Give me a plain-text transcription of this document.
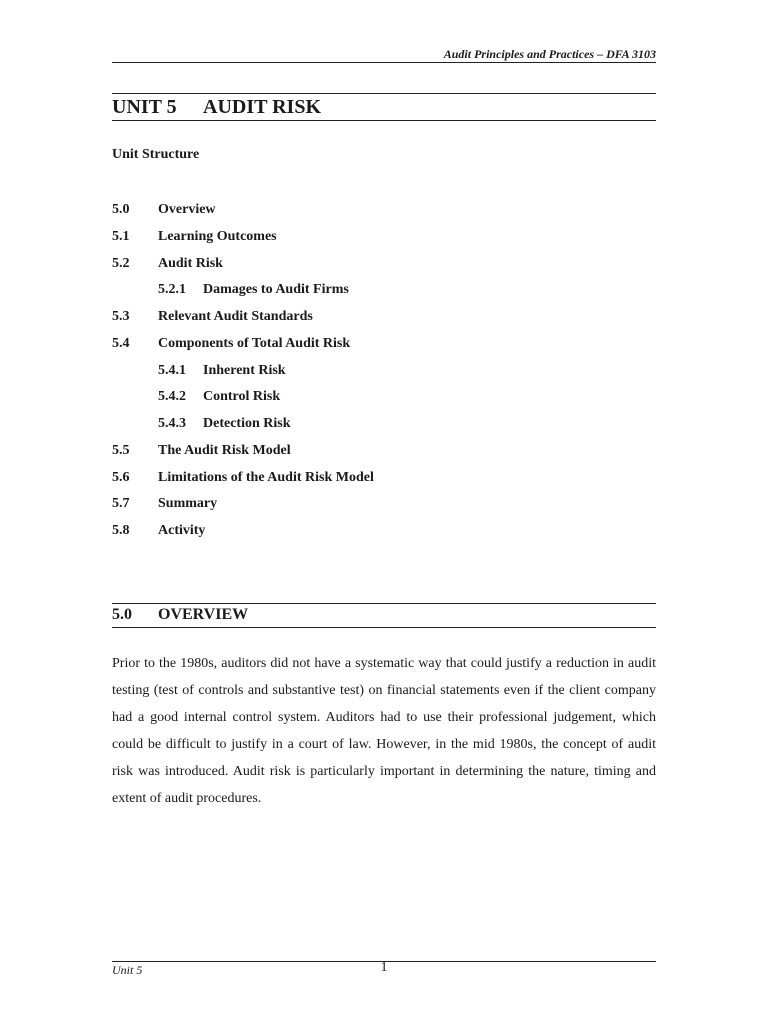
Audit Principles and Practices – DFA 3103
UNIT 5 AUDIT RISK
Unit Structure
5.0 Overview
5.1 Learning Outcomes
5.2 Audit Risk
5.2.1 Damages to Audit Firms
5.3 Relevant Audit Standards
5.4 Components of Total Audit Risk
5.4.1 Inherent Risk
5.4.2 Control Risk
5.4.3 Detection Risk
5.5 The Audit Risk Model
5.6 Limitations of the Audit Risk Model
5.7 Summary
5.8 Activity
5.0 OVERVIEW

Prior to the 1980s, auditors did not have a systematic way that could justify a reduction in audit testing (test of controls and substantive test) on financial statements even if the client company had a good internal control system. Auditors had to use their professional judgement, which could be difficult to justify in a court of law. However, in the mid 1980s, the concept of audit risk was introduced. Audit risk is particularly important in determining the nature, timing and extent of audit procedures.

Unit 5	1
